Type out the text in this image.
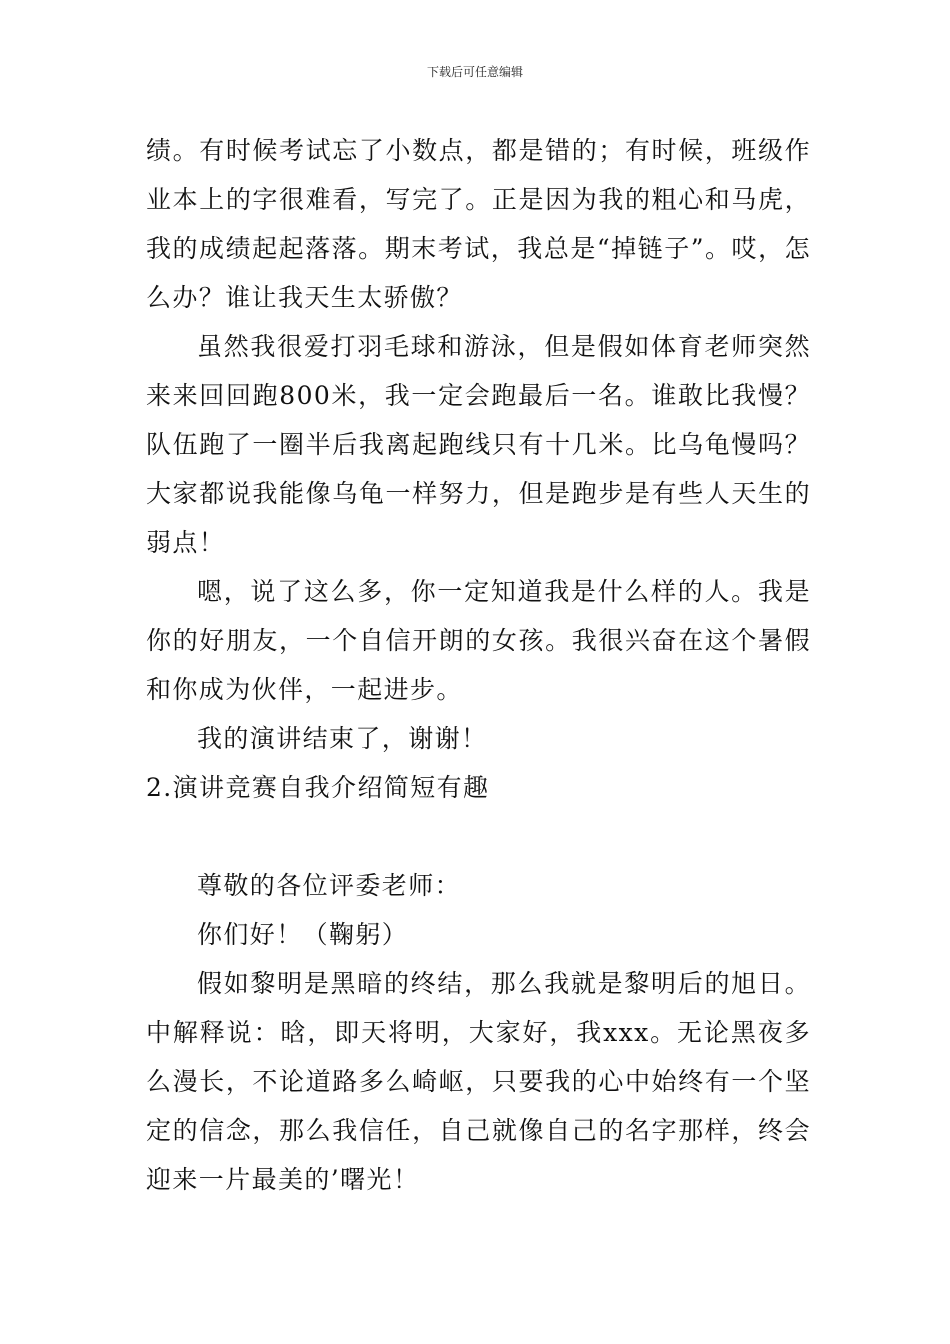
下载后可任意编辑

绩。有时候考试忘了小数点，都是错的；有时候，班级作业本上的字很难看，写完了。正是因为我的粗心和马虎，我的成绩起起落落。期末考试，我总是“掉链子”。哎，怎么办？谁让我天生太骄傲？

虽然我很爱打羽毛球和游泳，但是假如体育老师突然来来回回跑800米，我一定会跑最后一名。谁敢比我慢？队伍跑了一圈半后我离起跑线只有十几米。比乌龟慢吗？大家都说我能像乌龟一样努力，但是跑步是有些人天生的弱点！

嗯，说了这么多，你一定知道我是什么样的人。我是你的好朋友，一个自信开朗的女孩。我很兴奋在这个暑假和你成为伙伴，一起进步。

我的演讲结束了，谢谢！

2.演讲竞赛自我介绍简短有趣

尊敬的各位评委老师：

你们好！（鞠躬）

假如黎明是黑暗的终结，那么我就是黎明后的旭日。中解释说：晗，即天将明，大家好，我xxx。无论黑夜多么漫长，不论道路多么崎岖，只要我的心中始终有一个坚定的信念，那么我信任，自己就像自己的名字那样，终会迎来一片最美的’曙光！
